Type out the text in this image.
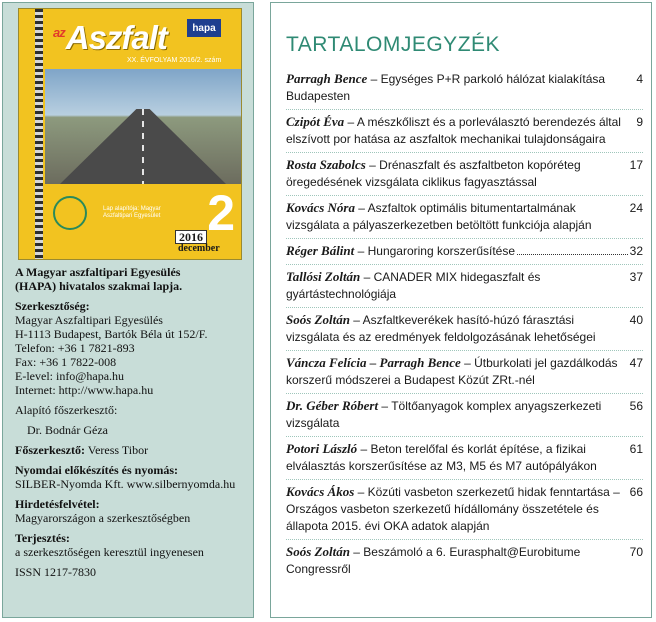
$^{az}$Aszfalt	hapa
XX. ÉVFOLYAM 2016/2. szám
Lap alapítója: Magyar Aszfaltipari Egyesület 2
2016
december
A Magyar aszfaltipari Egyesülés
(HAPA) hivatalos szakmai lapja.
Szerkesztőség:
Magyar Aszfaltipari Egyesülés
H-1113 Budapest, Bartók Béla út 152/F.
Telefon: +36 1 7821-893
Fax: +36 1 7822-008
E-level: info@hapa.hu
Internet: http://www.hapa.hu
Alapító főszerkesztő:
Dr. Bodnár Géza
Főszerkesztő: Veress Tibor
Nyomdai előkészítés és nyomás:
SILBER-Nyomda Kft. www.silbernyomda.hu
Hirdetésfelvétel:
Magyarországon a szerkesztőségben
Terjesztés:
a szerkesztőségen keresztül ingyenesen
ISSN 1217-7830
TARTALOMJEGYZÉK
Parragh Bence – Egységes P+R parkoló hálózat kialakítása Budapesten
4
Czipót Éva – A mészkőliszt és a porleválasztó berendezés által elszívott por hatása az aszfaltok mechanikai tulajdonságaira
9
Rosta Szabolcs – Drénaszfalt és aszfaltbeton kopóréteg öregedésének vizsgálata ciklikus fagyasztással
17
Kovács Nóra – Aszfaltok optimális bitumentartalmának vizsgálata a pályaszerkezetben betöltött funkciója alapján
24
Réger Bálint – Hungaroring korszerűsítése	32
Tallósi Zoltán – CANADER MIX hidegaszfalt és gyártástechnológiája
37
Soós Zoltán – Aszfaltkeverékek hasító-húzó fárasztási vizsgálata és az eredmények feldolgozásának lehetőségei
40
Váncza Felícia – Parragh Bence – Útburkolati jel gazdálkodás korszerű módszerei a Budapest Közút ZRt.-nél
47
Dr. Géber Róbert – Töltőanyagok komplex anyagszerkezeti vizsgálata
56
Potori László – Beton terelőfal és korlát építése, a fizikai elválasztás korszerűsítése az M3, M5 és M7 autópályákon
61
Kovács Ákos – Közúti vasbeton szerkezetű hidak fenntartása – Országos vasbeton szerkezetű hídállomány összetétele és állapota 2015. évi OKA adatok alapján
66
Soós Zoltán – Beszámoló a 6. Eurasphalt@Eurobitume Congressről
70
